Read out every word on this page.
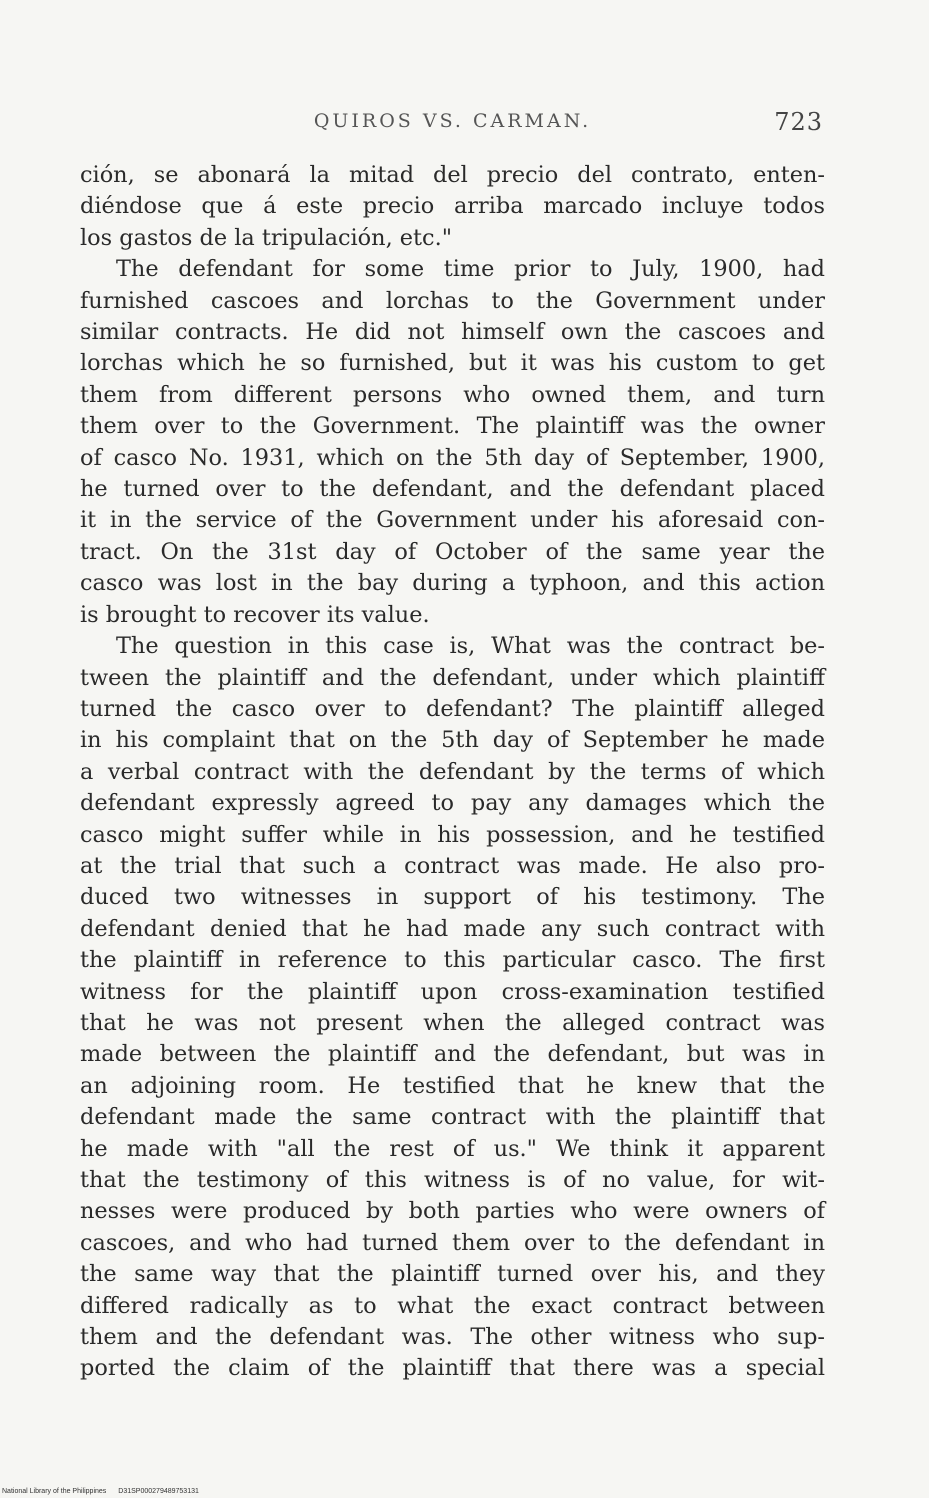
QUIROS VS. CARMAN.	723

ción, se abonará la mitad del precio del contrato, enten-

diéndose que á este precio arriba marcado incluye todos

los gastos de la tripulación, etc."

The defendant for some time prior to July, 1900, had

furnished cascoes and lorchas to the Government under

similar contracts. He did not himself own the cascoes and

lorchas which he so furnished, but it was his custom to get

them from different persons who owned them, and turn

them over to the Government. The plaintiff was the owner

of casco No. 1931, which on the 5th day of September, 1900,

he turned over to the defendant, and the defendant placed

it in the service of the Government under his aforesaid con-

tract. On the 31st day of October of the same year the

casco was lost in the bay during a typhoon, and this action

is brought to recover its value.

The question in this case is, What was the contract be-

tween the plaintiff and the defendant, under which plaintiff

turned the casco over to defendant? The plaintiff alleged

in his complaint that on the 5th day of September he made

a verbal contract with the defendant by the terms of which

defendant expressly agreed to pay any damages which the

casco might suffer while in his possession, and he testified

at the trial that such a contract was made. He also pro-

duced two witnesses in support of his testimony. The

defendant denied that he had made any such contract with

the plaintiff in reference to this particular casco. The first

witness for the plaintiff upon cross-examination testified

that he was not present when the alleged contract was

made between the plaintiff and the defendant, but was in

an adjoining room. He testified that he knew that the

defendant made the same contract with the plaintiff that

he made with "all the rest of us." We think it apparent

that the testimony of this witness is of no value, for wit-

nesses were produced by both parties who were owners of

cascoes, and who had turned them over to the defendant in

the same way that the plaintiff turned over his, and they

differed radically as to what the exact contract between

them and the defendant was. The other witness who sup-

ported the claim of the plaintiff that there was a special

National Library of the Philippines D31SP000279489753131
